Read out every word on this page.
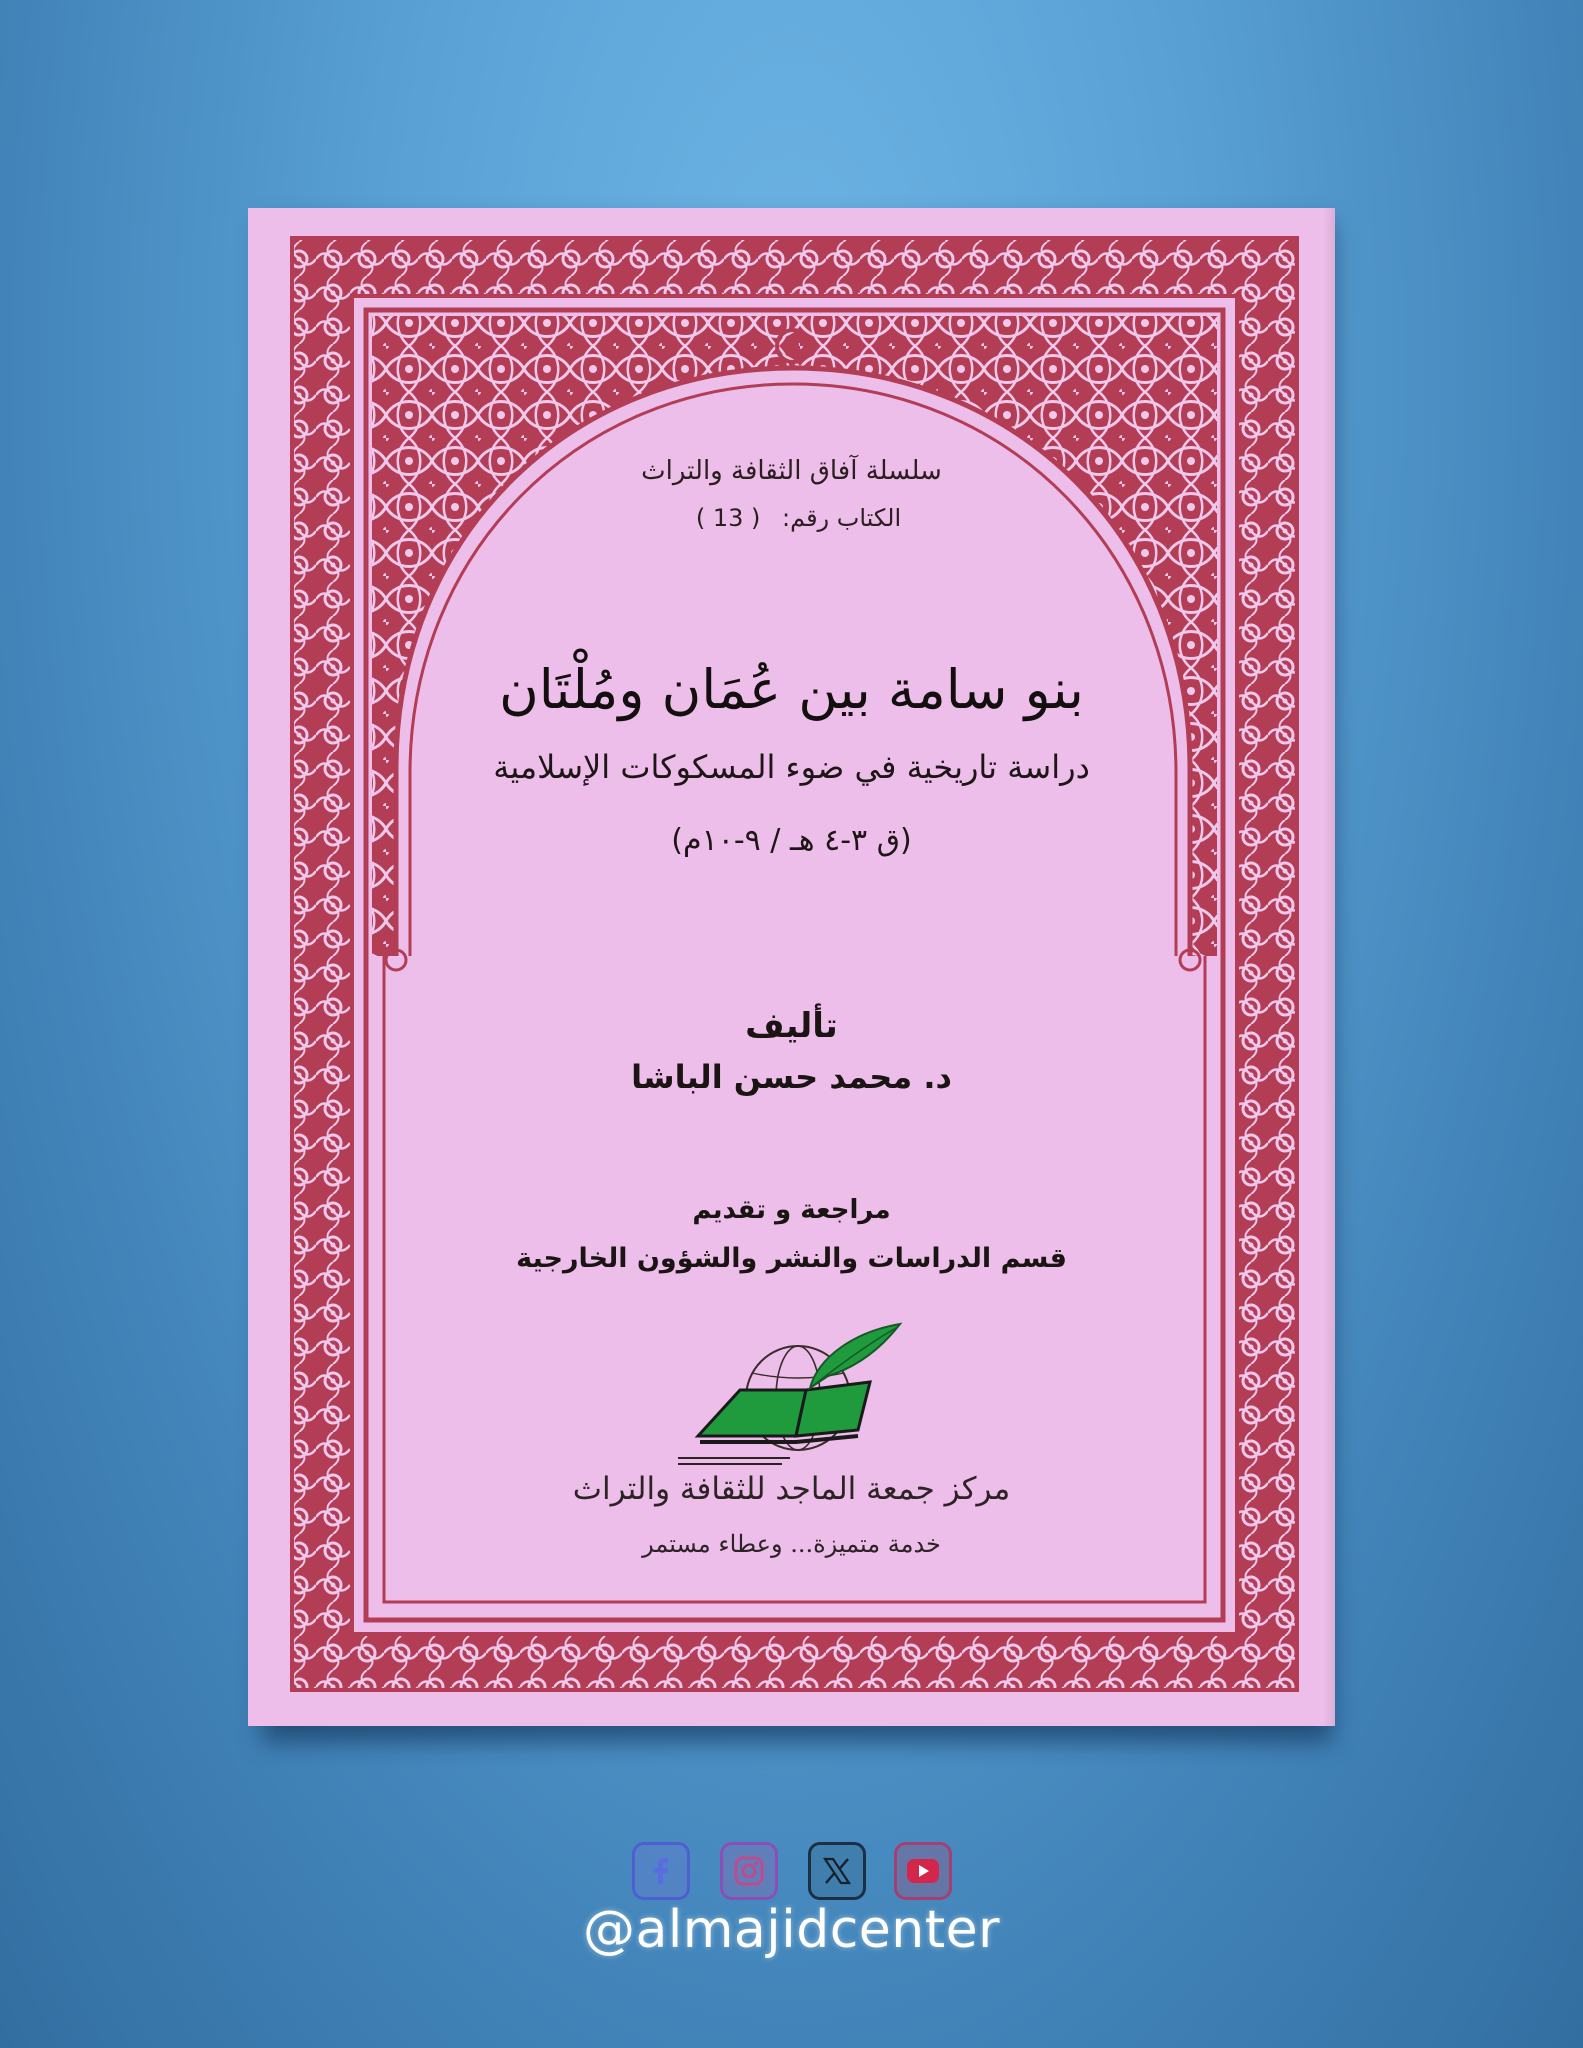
سلسلة آفاق الثقافة والتراث
الكتاب رقم: ( 13 )
بنو سامة بين عُمَان ومُلْتَان
دراسة تاريخية في ضوء المسكوكات الإسلامية
(ق ٣-٤ هـ / ٩-١٠م)
تأليف
د. محمد حسن الباشا
مراجعة و تقديم
قسم الدراسات والنشر والشؤون الخارجية
مركز جمعة الماجد للثقافة والتراث
خدمة متميزة... وعطاء مستمر
@almajidcenter
